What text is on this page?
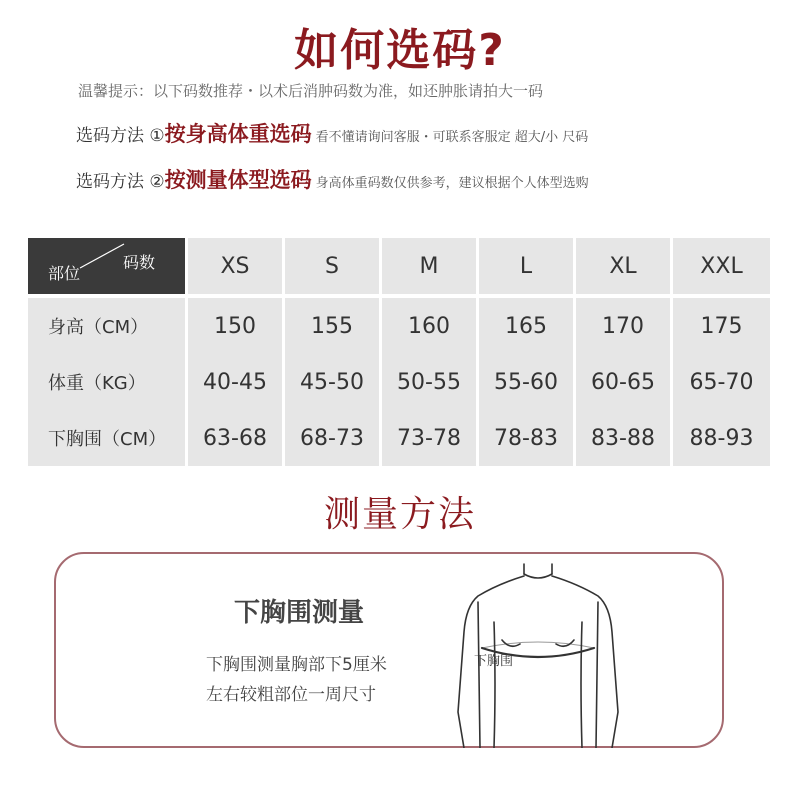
如何选码?
温馨提示：以下码数推荐・以术后消肿码数为准，如还肿胀请拍大一码
选码方法 ①按身高体重选码 看不懂请询问客服・可联系客服定 超大/小 尺码
选码方法 ②按测量体型选码 身高体重码数仅供参考，建议根据个人体型选购
码数
部位	XS	S	M	L	XL	XXL
身高（CM）	150	155	160	165	170	175
体重（KG）	40-45	45-50	50-55	55-60	60-65	65-70
下胸围（CM）	63-68	68-73	73-78	78-83	83-88	88-93
测量方法
下胸围测量
下胸围测量胸部下5厘米
左右较粗部位一周尺寸
下胸围
